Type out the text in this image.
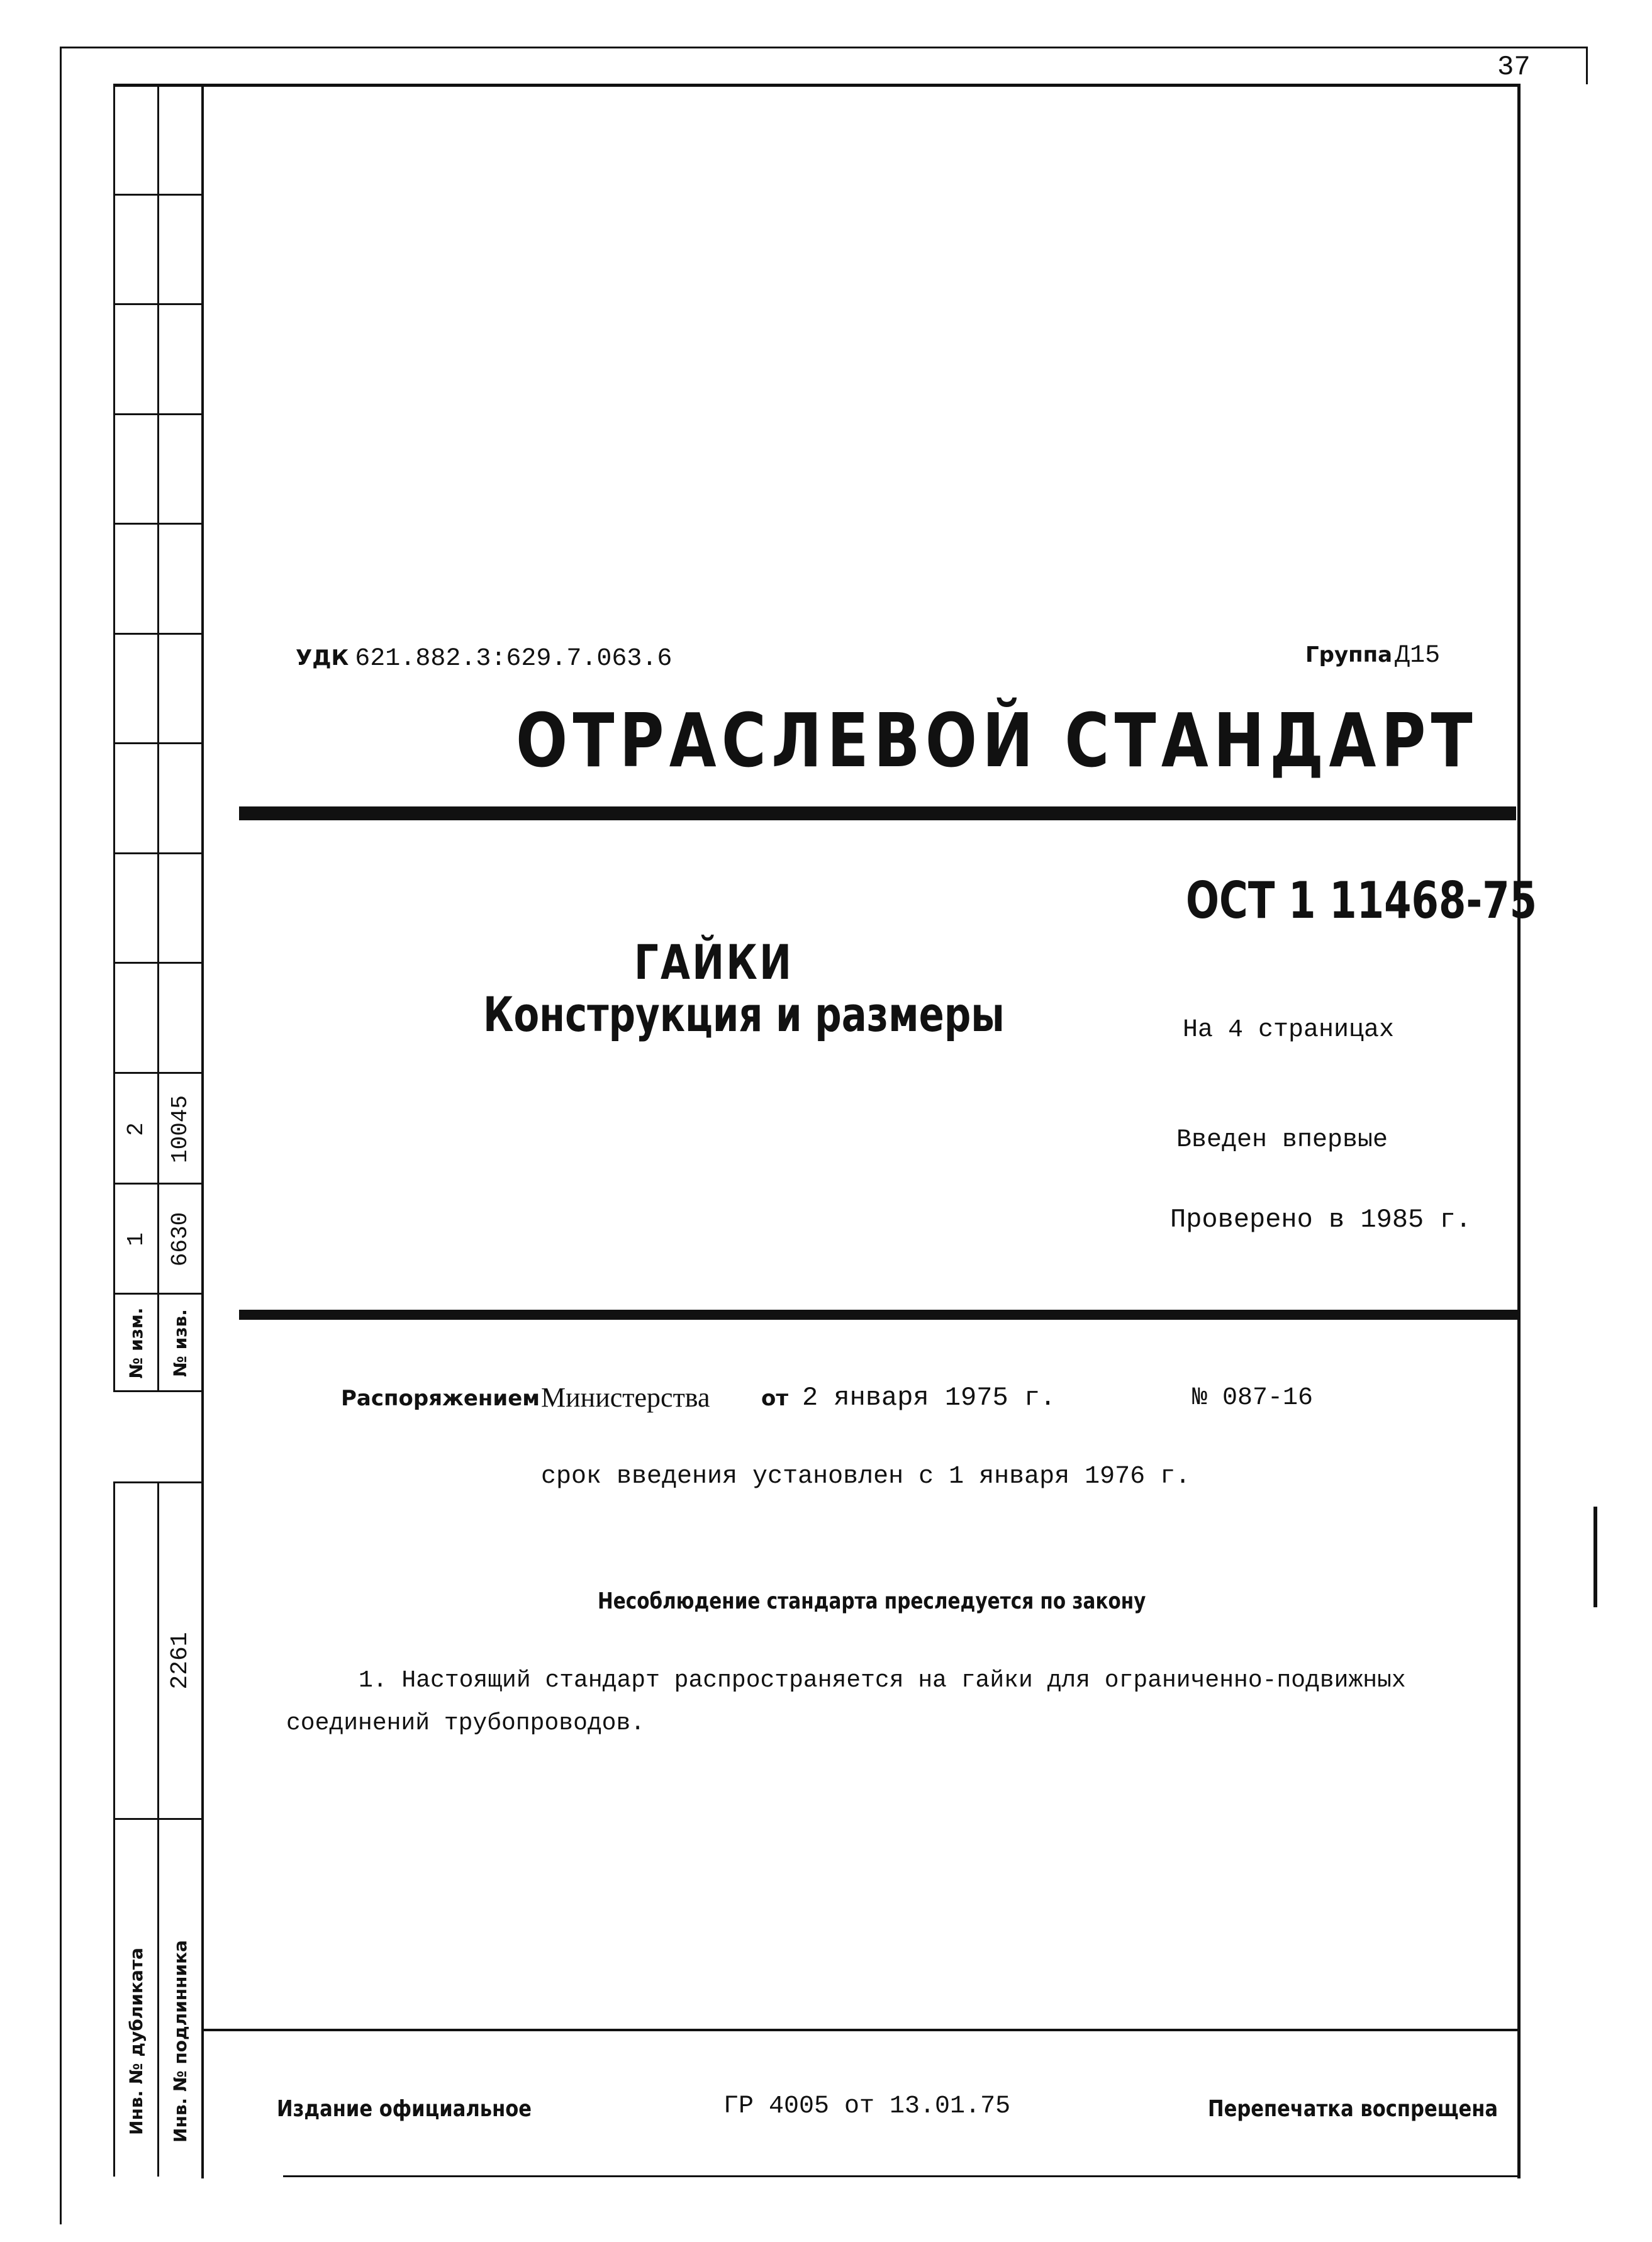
37
№ изм. № изв.
1 6630
2 10045
2261
Инв. № дубликата Инв. № подлинника
УДК 621.882.3:629.7.063.6	Группа Д15
ОТРАСЛЕВОЙ СТАНДАРТ
ОСТ 1 11468-75
ГАЙКИ
Конструкция и размеры	На 4 страницах
Введен впервые
Проверено в 1985 г.
Распоряжением Министерства от 2 января 1975 г.	№ 087-16
срок введения установлен с 1 января 1976 г.
Несоблюдение стандарта преследуется по закону
1. Настоящий стандарт распространяется на гайки для ограниченно-подвижных
соединений трубопроводов.
Издание официальное	ГР 4005 от 13.01.75	Перепечатка воспрещена
